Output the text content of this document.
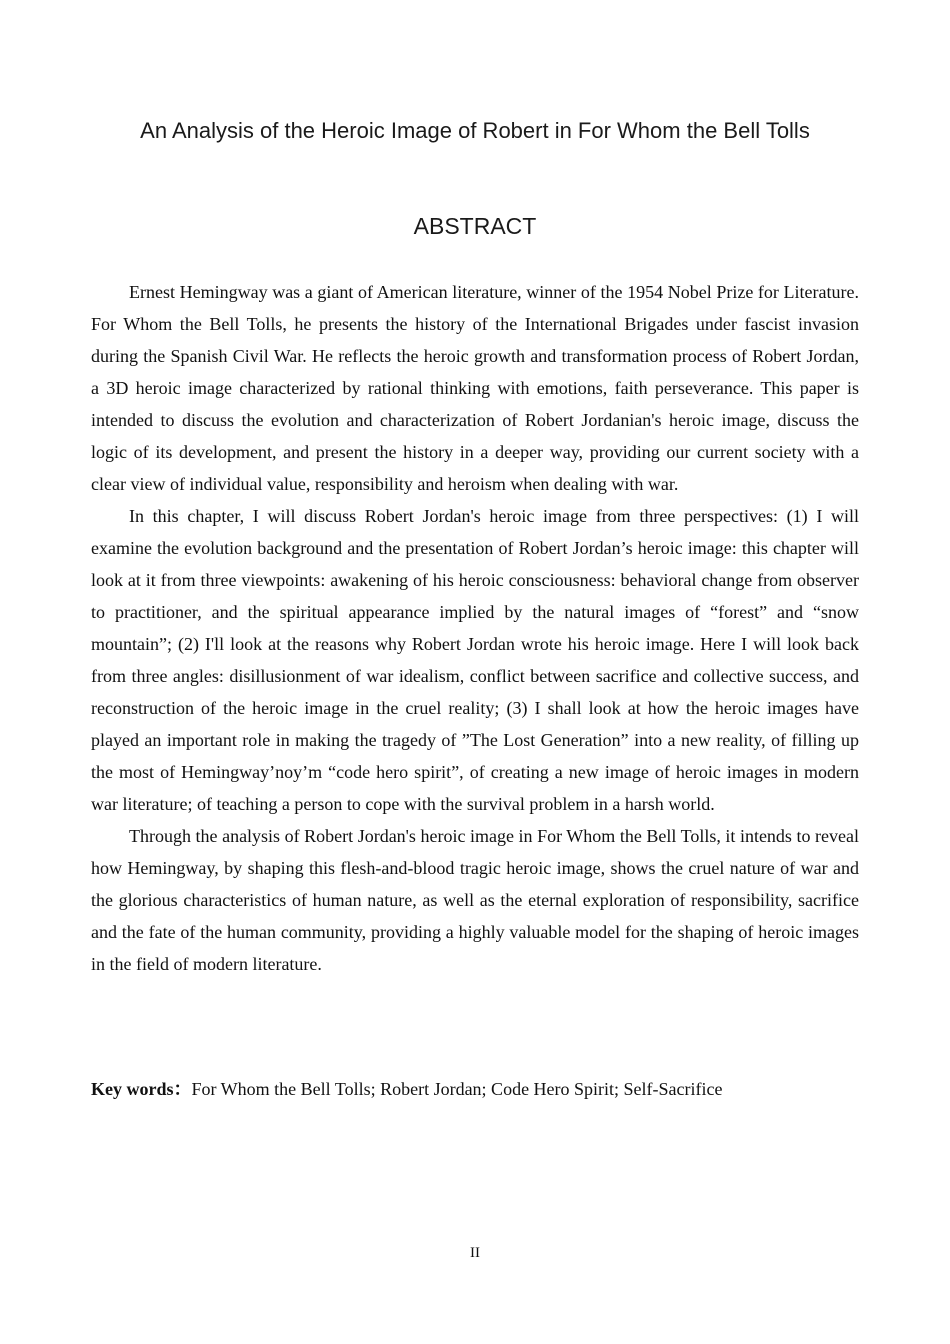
An Analysis of the Heroic Image of Robert in For Whom the Bell Tolls
ABSTRACT

Ernest Hemingway was a giant of American literature, winner of the 1954 Nobel Prize for Literature. For Whom the Bell Tolls, he presents the history of the International Brigades under fascist invasion during the Spanish Civil War. He reflects the heroic growth and transformation process of Robert Jordan, a 3D heroic image characterized by rational thinking with emotions, faith perseverance. This paper is intended to discuss the evolution and characterization of Robert Jordanian's heroic image, discuss the logic of its development, and present the history in a deeper way, providing our current society with a clear view of individual value, responsibility and heroism when dealing with war.

In this chapter, I will discuss Robert Jordan's heroic image from three perspectives: (1) I will examine the evolution background and the presentation of Robert Jordan’s heroic image: this chapter will look at it from three viewpoints: awakening of his heroic consciousness: behavioral change from observer to practitioner, and the spiritual appearance implied by the natural images of “forest” and “snow mountain”; (2) I'll look at the reasons why Robert Jordan wrote his heroic image. Here I will look back from three angles: disillusionment of war idealism, conflict between sacrifice and collective success, and reconstruction of the heroic image in the cruel reality; (3) I shall look at how the heroic images have played an important role in making the tragedy of ”The Lost Generation” into a new reality, of filling up the most of Hemingway’noy’m “code hero spirit”, of creating a new image of heroic images in modern war literature; of teaching a person to cope with the survival problem in a harsh world.

Through the analysis of Robert Jordan's heroic image in For Whom the Bell Tolls, it intends to reveal how Hemingway, by shaping this flesh-and-blood tragic heroic image, shows the cruel nature of war and the glorious characteristics of human nature, as well as the eternal exploration of responsibility, sacrifice and the fate of the human community, providing a highly valuable model for the shaping of heroic images in the field of modern literature.

Key words：For Whom the Bell Tolls; Robert Jordan; Code Hero Spirit; Self-Sacrifice

II
